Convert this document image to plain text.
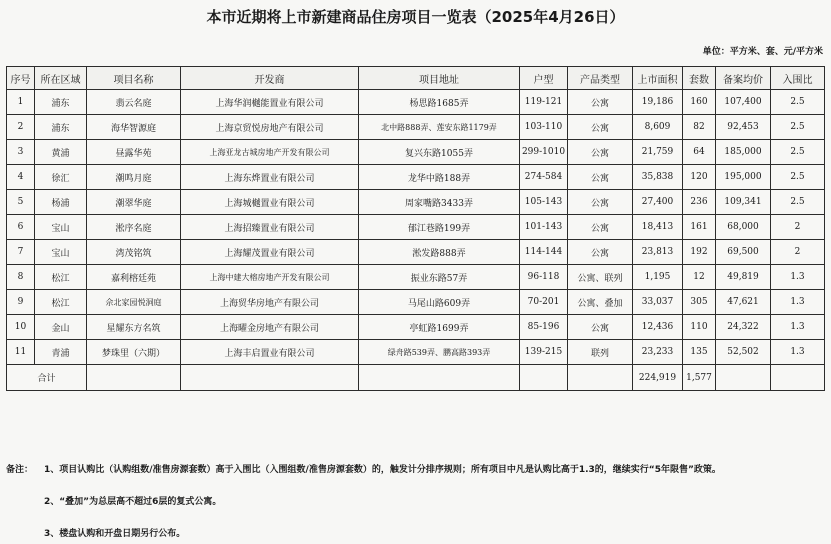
本市近期将上市新建商品住房项目一览表（2025年4月26日）
单位：平方米、套、元/平方米
序号	所在区域	项目名称	开发商	项目地址	户型	产品类型	上市面积	套数	备案均价	入围比
1	浦东	翡云名庭	上海华润樾能置业有限公司	杨思路1685弄	119-121	公寓	19,186	160	107,400	2.5
2	浦东	海华智源庭	上海京贸悦房地产有限公司	北中路888弄、莲安东路1179弄	103-110	公寓	8,609	82	92,453	2.5
3	黄浦	昼露华苑	上海亚龙古城房地产开发有限公司	复兴东路1055弄	299-1010	公寓	21,759	64	185,000	2.5
4	徐汇	潮鸣月庭	上海东烨置业有限公司	龙华中路188弄	274-584	公寓	35,838	120	195,000	2.5
5	杨浦	潮翠华庭	上海城樾置业有限公司	周家嘴路3433弄	105-143	公寓	27,400	236	109,341	2.5
6	宝山	淞序名庭	上海招臻置业有限公司	郁江巷路199弄	101-143	公寓	18,413	161	68,000	2
7	宝山	湾茂铭筑	上海耀茂置业有限公司	淞发路888弄	114-144	公寓	23,813	192	69,500	2
8	松江	嘉利榕廷苑	上海中建大榕房地产开发有限公司	振业东路57弄	96-118	公寓、联列	1,195	12	49,819	1.3
9	松江	佘北家园悦洞庭	上海贸华房地产有限公司	马尾山路609弄	70-201	公寓、叠加	33,037	305	47,621	1.3
10	金山	星耀东方名筑	上海曜金房地产有限公司	亭虹路1699弄	85-196	公寓	12,436	110	24,322	1.3
11	青浦	梦珠里（六期）	上海丰启置业有限公司	绿舟路539弄、鹏高路393弄	139-215	联列	23,233	135	52,502	1.3
合计							224,919	1,577		
备注： 1、项目认购比（认购组数/准售房源套数）高于入围比（入围组数/准售房源套数）的，触发计分排序规则；所有项目中凡是认购比高于1.3的，继续实行“5年限售”政策。
2、“叠加”为总层高不超过6层的复式公寓。
3、楼盘认购和开盘日期另行公布。
